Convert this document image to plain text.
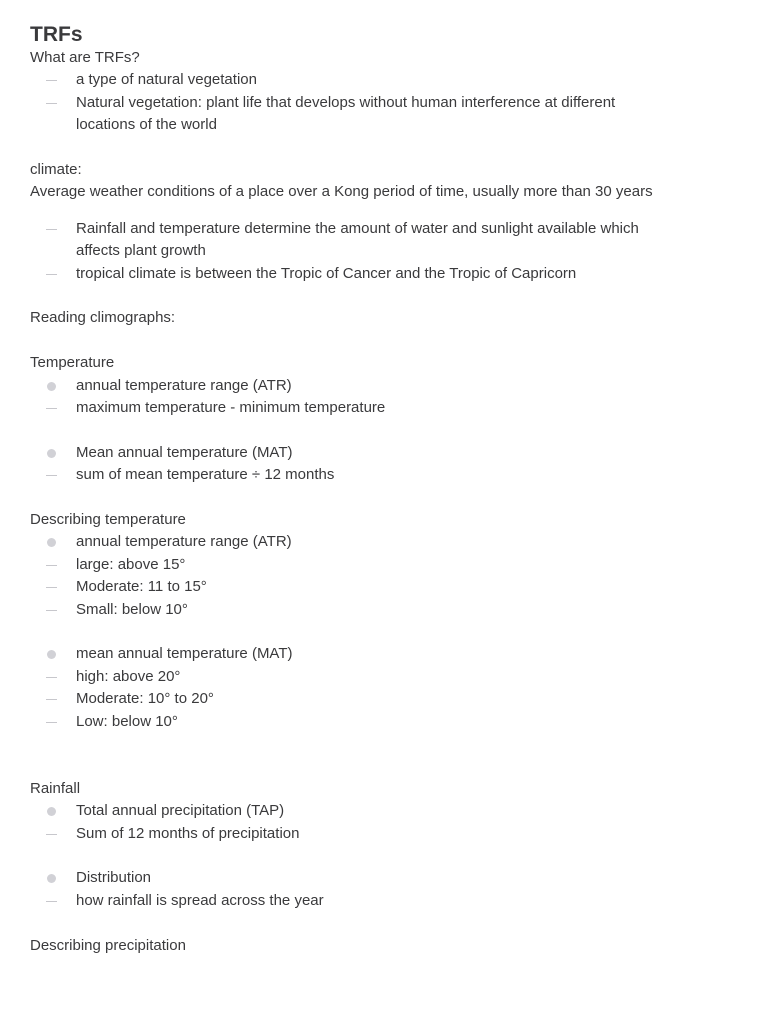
TRFs
What are TRFs?
a type of natural vegetation
Natural vegetation: plant life that develops without human interference at different
locations of the world
climate:
Average weather conditions of a place over a Kong period of time, usually more than 30 years
Rainfall and temperature determine the amount of water and sunlight available which
affects plant growth
tropical climate is between the Tropic of Cancer and the Tropic of Capricorn
Reading climographs:
Temperature
annual temperature range (ATR)
maximum temperature - minimum temperature
Mean annual temperature (MAT)
sum of mean temperature ÷ 12 months
Describing temperature
annual temperature range (ATR)
large: above 15°
Moderate: 11 to 15°
Small: below 10°
mean annual temperature (MAT)
high: above 20°
Moderate: 10° to 20°
Low: below 10°
Rainfall
Total annual precipitation (TAP)
Sum of 12 months of precipitation
Distribution
how rainfall is spread across the year
Describing precipitation
